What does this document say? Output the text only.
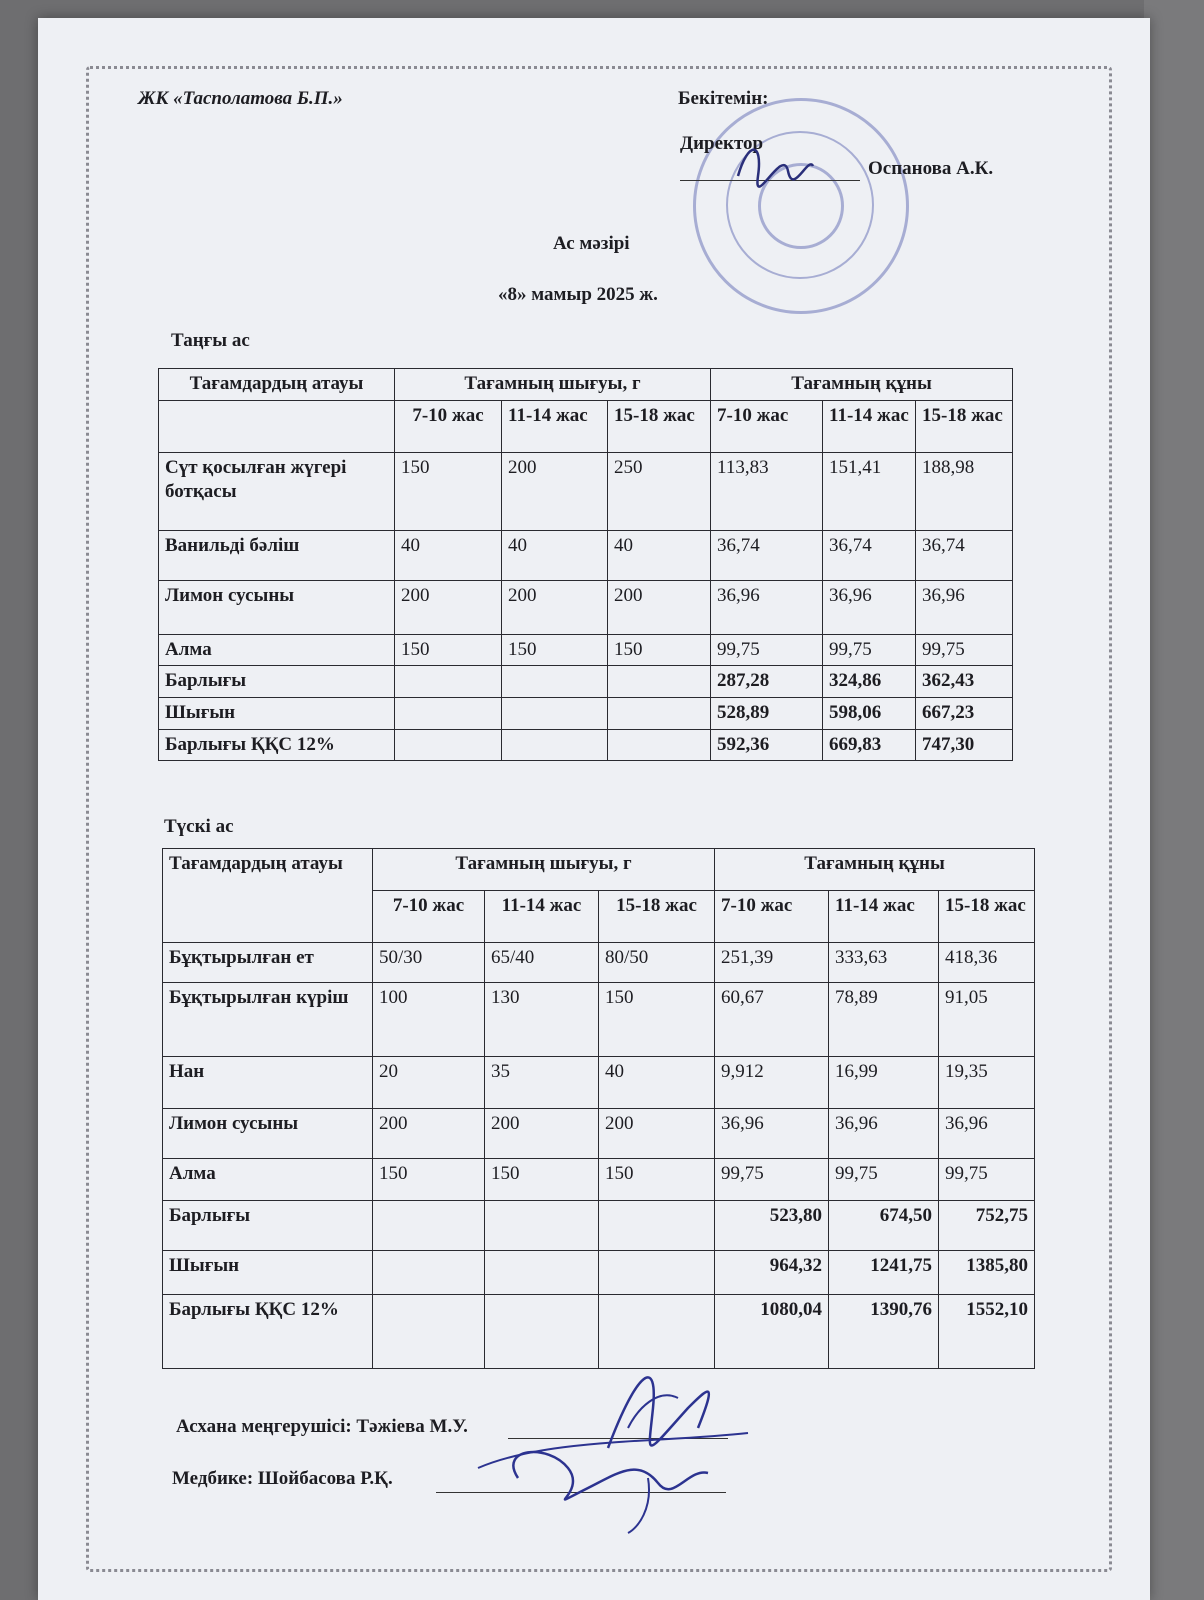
ЖК «Тасполатова Б.П.»	Бекітемін:
Директор
Оспанова А.К.
Ас мәзірі
«8» мамыр 2025 ж.
Таңғы ас
Тағамдардың атауы	Тағамның шығуы, г			Тағамның құны		
	7-10 жас	11-14 жас	15-18 жас	7-10 жас	11-14 жас	15-18 жас
Сүт қосылған жүгері ботқасы	150	200	250	113,83	151,41	188,98
Ванильді бәліш	40	40	40	36,74	36,74	36,74
Лимон сусыны	200	200	200	36,96	36,96	36,96
Алма	150	150	150	99,75	99,75	99,75
Барлығы				287,28	324,86	362,43
Шығын				528,89	598,06	667,23
Барлығы ҚҚС 12%				592,36	669,83	747,30
Түскі ас
Тағамдардың атауы	Тағамның шығуы, г			Тағамның құны		
	7-10 жас	11-14 жас	15-18 жас	7-10 жас	11-14 жас	15-18 жас
Бұқтырылған ет	50/30	65/40	80/50	251,39	333,63	418,36
Бұқтырылған күріш	100	130	150	60,67	78,89	91,05
Нан	20	35	40	9,912	16,99	19,35
Лимон сусыны	200	200	200	36,96	36,96	36,96
Алма	150	150	150	99,75	99,75	99,75
Барлығы				523,80	674,50	752,75
Шығын				964,32	1241,75	1385,80
Барлығы ҚҚС 12%				1080,04	1390,76	1552,10
Асхана меңгерушісі: Тәжіева М.У.
Медбике: Шойбасова Р.Қ.
